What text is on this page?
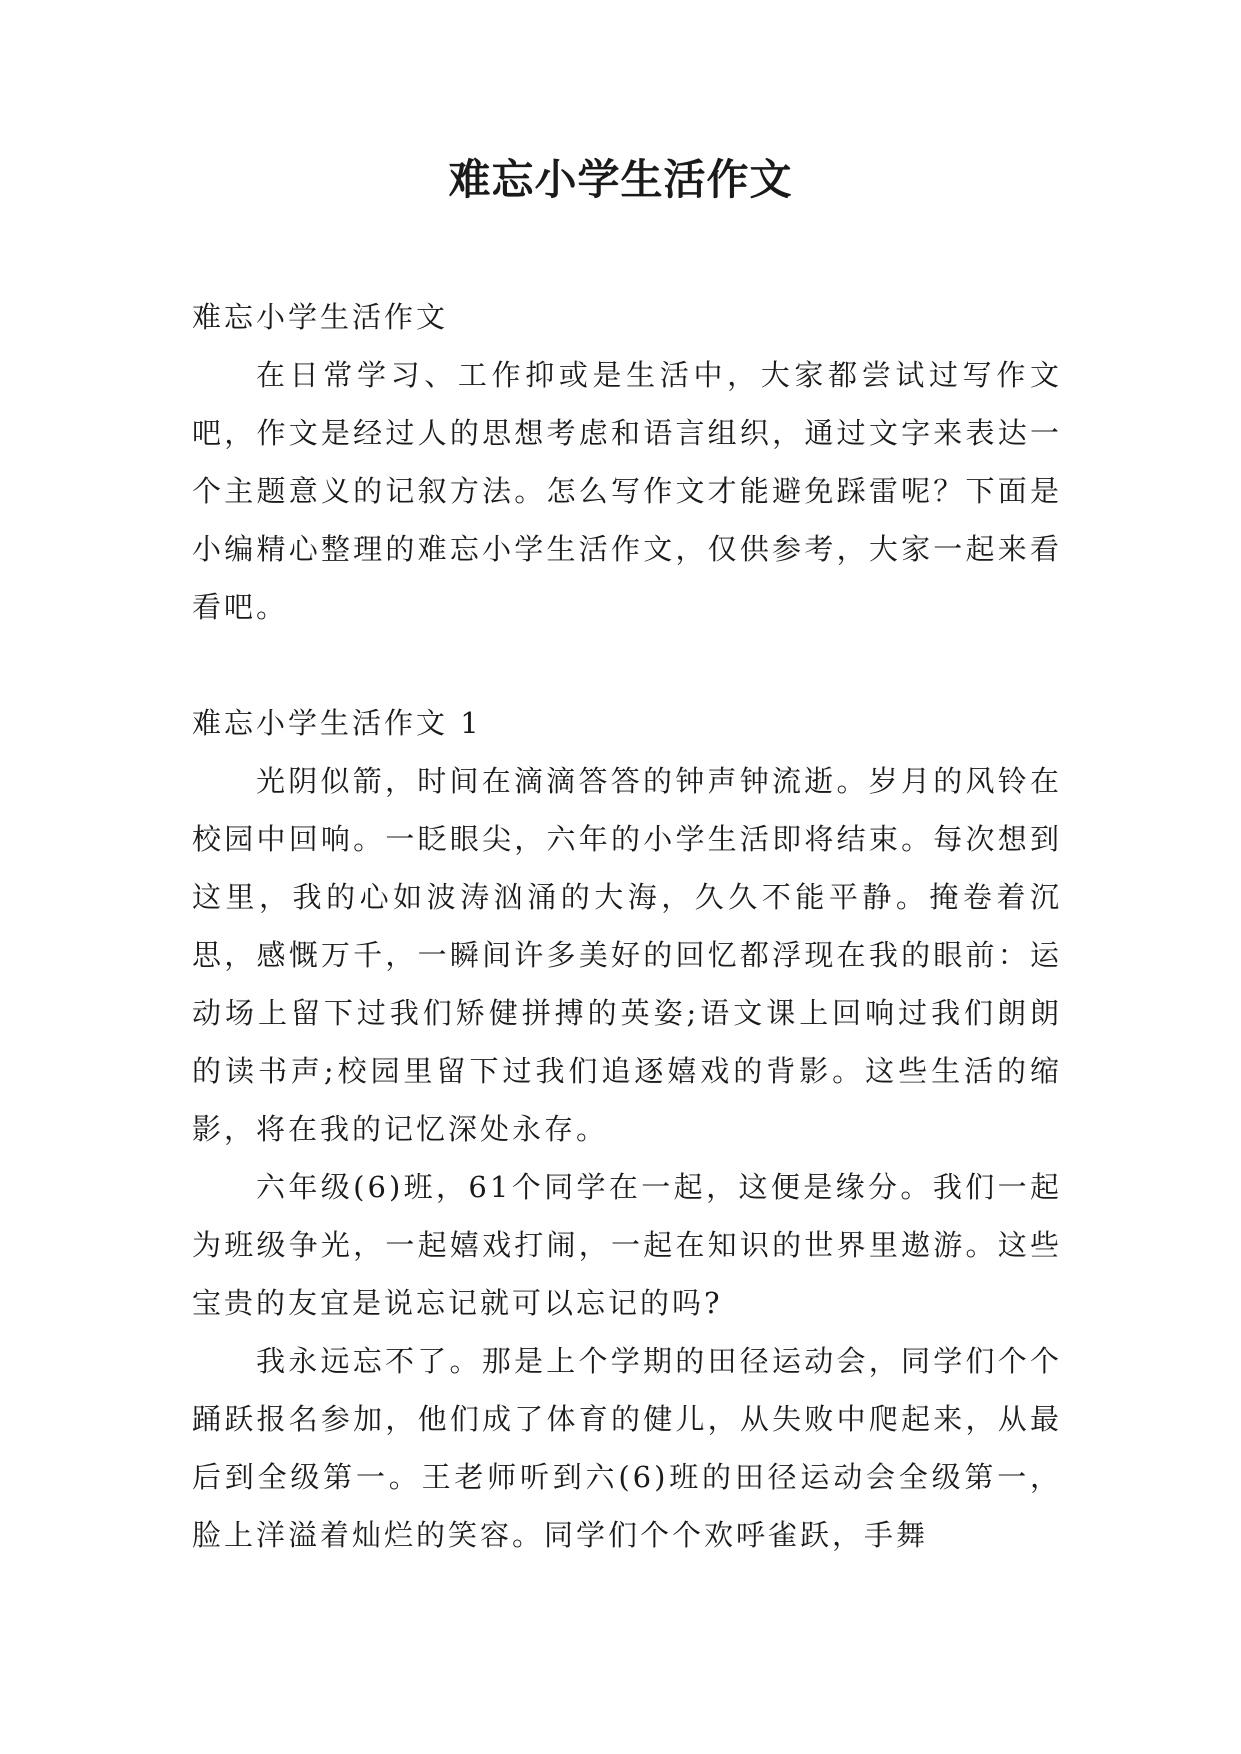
难忘小学生活作文

难忘小学生活作文

在日常学习、工作抑或是生活中，大家都尝试过写作文吧，作文是经过人的思想考虑和语言组织，通过文字来表达一个主题意义的记叙方法。怎么写作文才能避免踩雷呢？下面是小编精心整理的难忘小学生活作文，仅供参考，大家一起来看看吧。

难忘小学生活作文 1

光阴似箭，时间在滴滴答答的钟声钟流逝。岁月的风铃在校园中回响。一眨眼尖，六年的小学生活即将结束。每次想到这里，我的心如波涛汹涌的大海，久久不能平静。掩卷着沉思，感慨万千，一瞬间许多美好的回忆都浮现在我的眼前：运动场上留下过我们矫健拼搏的英姿;语文课上回响过我们朗朗的读书声;校园里留下过我们追逐嬉戏的背影。这些生活的缩影，将在我的记忆深处永存。

六年级(6)班，61个同学在一起，这便是缘分。我们一起为班级争光，一起嬉戏打闹，一起在知识的世界里遨游。这些宝贵的友宜是说忘记就可以忘记的吗?

我永远忘不了。那是上个学期的田径运动会，同学们个个踊跃报名参加，他们成了体育的健儿，从失败中爬起来，从最后到全级第一。王老师听到六(6)班的田径运动会全级第一，脸上洋溢着灿烂的笑容。同学们个个欢呼雀跃，手舞
